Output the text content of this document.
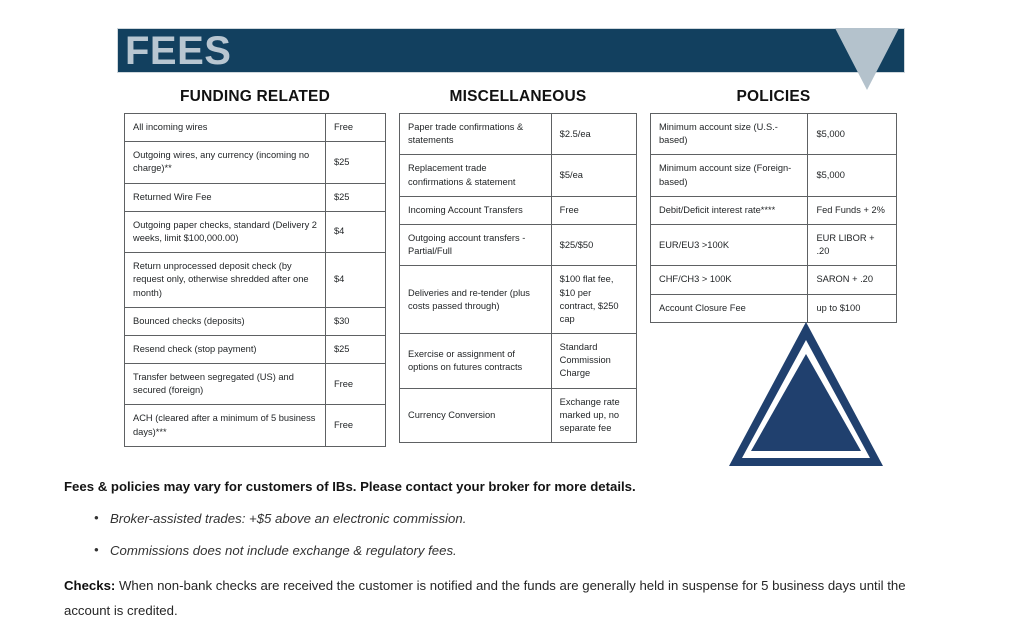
FEES
FUNDING RELATED	MISCELLANEOUS	POLICIES
All incoming wires	Free
Outgoing wires, any currency (incoming no charge)**	$25
Returned Wire Fee	$25
Outgoing paper checks, standard (Delivery 2 weeks, limit $100,000.00)	$4
Return unprocessed deposit check (by request only, otherwise shredded after one month)	$4
Bounced checks (deposits)	$30
Resend check (stop payment)	$25
Transfer between segregated (US) and secured (foreign)	Free
ACH (cleared after a minimum of 5 business days)***	Free
Paper trade confirmations & statements	$2.5/ea
Replacement trade confirmations & statement	$5/ea
Incoming Account Transfers	Free
Outgoing account transfers - Partial/Full	$25/$50
Deliveries and re-tender (plus costs passed through)	$100 flat fee, $10 per contract, $250 cap
Exercise or assignment of options on futures contracts	Standard Commission Charge
Currency Conversion	Exchange rate marked up, no separate fee
Minimum account size (U.S.-based)	$5,000
Minimum account size (Foreign-based)	$5,000
Debit/Deficit interest rate****	Fed Funds + 2%
EUR/EU3 >100K	EUR LIBOR + .20
CHF/CH3 > 100K	SARON + .20
Account Closure Fee	up to $100

Fees & policies may vary for customers of IBs. Please contact your broker for more details.

• Broker-assisted trades: +$5 above an electronic commission.
• Commissions does not include exchange & regulatory fees.

Checks: When non-bank checks are received the customer is notified and the funds are generally held in suspense for 5 business days until the account is credited.
